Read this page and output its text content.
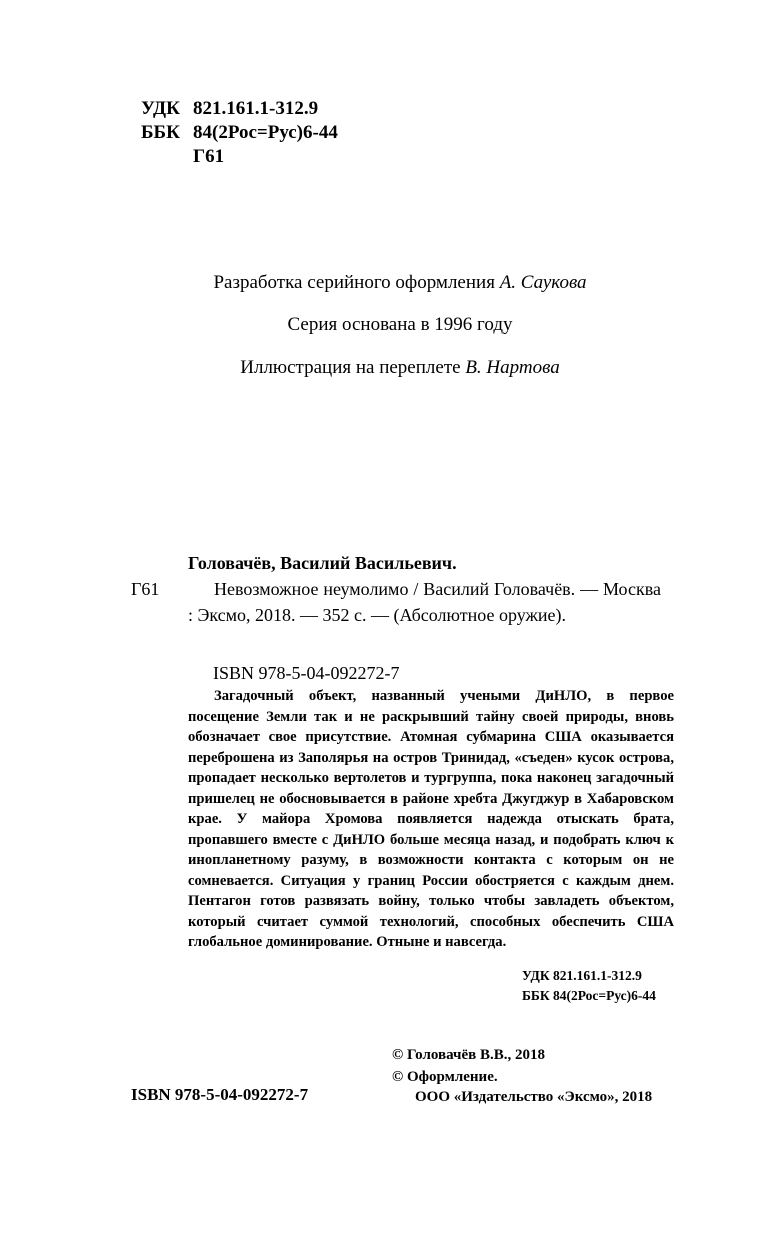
УДК 821.161.1-312.9
ББК 84(2Рос=Рус)6-44
Г61
Разработка серийного оформления А. Саукова
Серия основана в 1996 году
Иллюстрация на переплете В. Нартова
Головачёв, Василий Васильевич.
Г61	Невозможное неумолимо / Василий Головачёв. — Москва : Эксмо, 2018. — 352 с. — (Абсолютное оружие).
ISBN 978-5-04-092272-7
Загадочный объект, названный учеными ДиНЛО, в первое посещение Земли так и не раскрывший тайну своей природы, вновь обозначает свое присутствие. Атомная субмарина США оказывается переброшена из Заполярья на остров Тринидад, «съеден» кусок острова, пропадает несколько вертолетов и тургруппа, пока наконец загадочный пришелец не обосновывается в районе хребта Джугджур в Хабаровском крае. У майора Хромова появляется надежда отыскать брата, пропавшего вместе с ДиНЛО больше месяца назад, и подобрать ключ к инопланетному разуму, в возможности контакта с которым он не сомневается. Ситуация у границ России обостряется с каждым днем. Пентагон готов развязать войну, только чтобы завладеть объектом, который считает суммой технологий, способных обеспечить США глобальное доминирование. Отныне и навсегда.
УДК 821.161.1-312.9
ББК 84(2Рос=Рус)6-44
© Головачёв В.В., 2018
© Оформление.
ISBN 978-5-04-092272-7	ООО «Издательство «Эксмо», 2018
